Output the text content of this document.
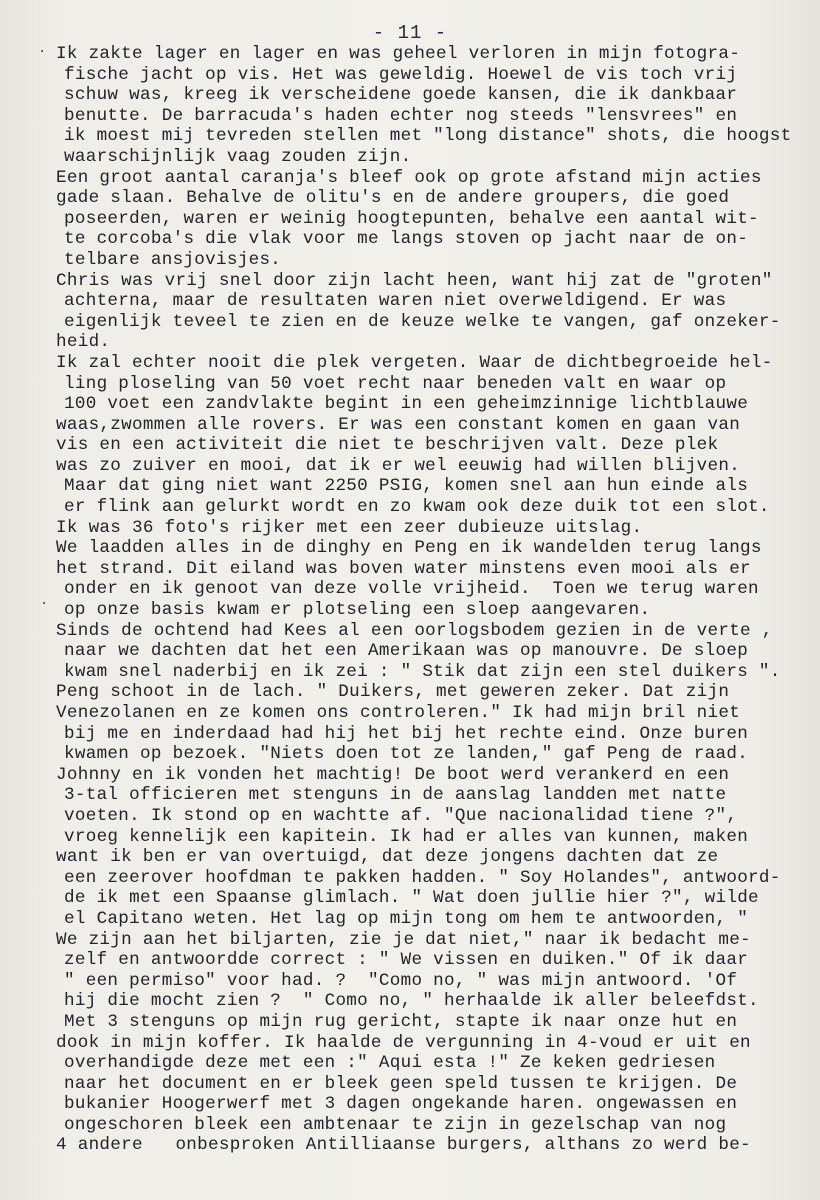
- 11 -
Ik zakte lager en lager en was geheel verloren in mijn fotogra-
fische jacht op vis. Het was geweldig. Hoewel de vis toch vrij
schuw was, kreeg ik verscheidene goede kansen, die ik dankbaar
benutte. De barracuda's haden echter nog steeds "lensvrees" en
ik moest mij tevreden stellen met "long distance" shots, die hoogst
waarschijnlijk vaag zouden zijn.
Een groot aantal caranja's bleef ook op grote afstand mijn acties
gade slaan. Behalve de olitu's en de andere groupers, die goed
poseerden, waren er weinig hoogtepunten, behalve een aantal wit-
te corcoba's die vlak voor me langs stoven op jacht naar de on-
telbare ansjovisjes.
Chris was vrij snel door zijn lacht heen, want hij zat de "groten"
achterna, maar de resultaten waren niet overweldigend. Er was
eigenlijk teveel te zien en de keuze welke te vangen, gaf onzeker-
heid.
Ik zal echter nooit die plek vergeten. Waar de dichtbegroeide hel-
ling ploseling van 50 voet recht naar beneden valt en waar op
100 voet een zandvlakte begint in een geheimzinnige lichtblauwe
waas,zwommen alle rovers. Er was een constant komen en gaan van
vis en een activiteit die niet te beschrijven valt. Deze plek
was zo zuiver en mooi, dat ik er wel eeuwig had willen blijven.
Maar dat ging niet want 2250 PSIG, komen snel aan hun einde als
er flink aan gelurkt wordt en zo kwam ook deze duik tot een slot.
Ik was 36 foto's rijker met een zeer dubieuze uitslag.
We laadden alles in de dinghy en Peng en ik wandelden terug langs
het strand. Dit eiland was boven water minstens even mooi als er
onder en ik genoot van deze volle vrijheid.  Toen we terug waren
op onze basis kwam er plotseling een sloep aangevaren.
Sinds de ochtend had Kees al een oorlogsbodem gezien in de verte ,
naar we dachten dat het een Amerikaan was op manouvre. De sloep
kwam snel naderbij en ik zei : " Stik dat zijn een stel duikers ".
Peng schoot in de lach. " Duikers, met geweren zeker. Dat zijn
Venezolanen en ze komen ons controleren." Ik had mijn bril niet
bij me en inderdaad had hij het bij het rechte eind. Onze buren
kwamen op bezoek. "Niets doen tot ze landen," gaf Peng de raad.
Johnny en ik vonden het machtig! De boot werd verankerd en een
3-tal officieren met stenguns in de aanslag landden met natte
voeten. Ik stond op en wachtte af. "Que nacionalidad tiene ?",
vroeg kennelijk een kapitein. Ik had er alles van kunnen, maken
want ik ben er van overtuigd, dat deze jongens dachten dat ze
een zeerover hoofdman te pakken hadden. " Soy Holandes", antwoord-
de ik met een Spaanse glimlach. " Wat doen jullie hier ?", wilde
el Capitano weten. Het lag op mijn tong om hem te antwoorden, "
We zijn aan het biljarten, zie je dat niet," naar ik bedacht me-
zelf en antwoordde correct : " We vissen en duiken." Of ik daar
" een permiso" voor had. ?  "Como no, " was mijn antwoord. 'Of
hij die mocht zien ?  " Como no, " herhaalde ik aller beleefdst.
Met 3 stenguns op mijn rug gericht, stapte ik naar onze hut en
dook in mijn koffer. Ik haalde de vergunning in 4-voud er uit en
overhandigde deze met een :" Aqui esta !" Ze keken gedriesen
naar het document en er bleek geen speld tussen te krijgen. De
bukanier Hoogerwerf met 3 dagen ongekande haren. ongewassen en
ongeschoren bleek een ambtenaar te zijn in gezelschap van nog
4 andere   onbesproken Antilliaanse burgers, althans zo werd be-
·
·
